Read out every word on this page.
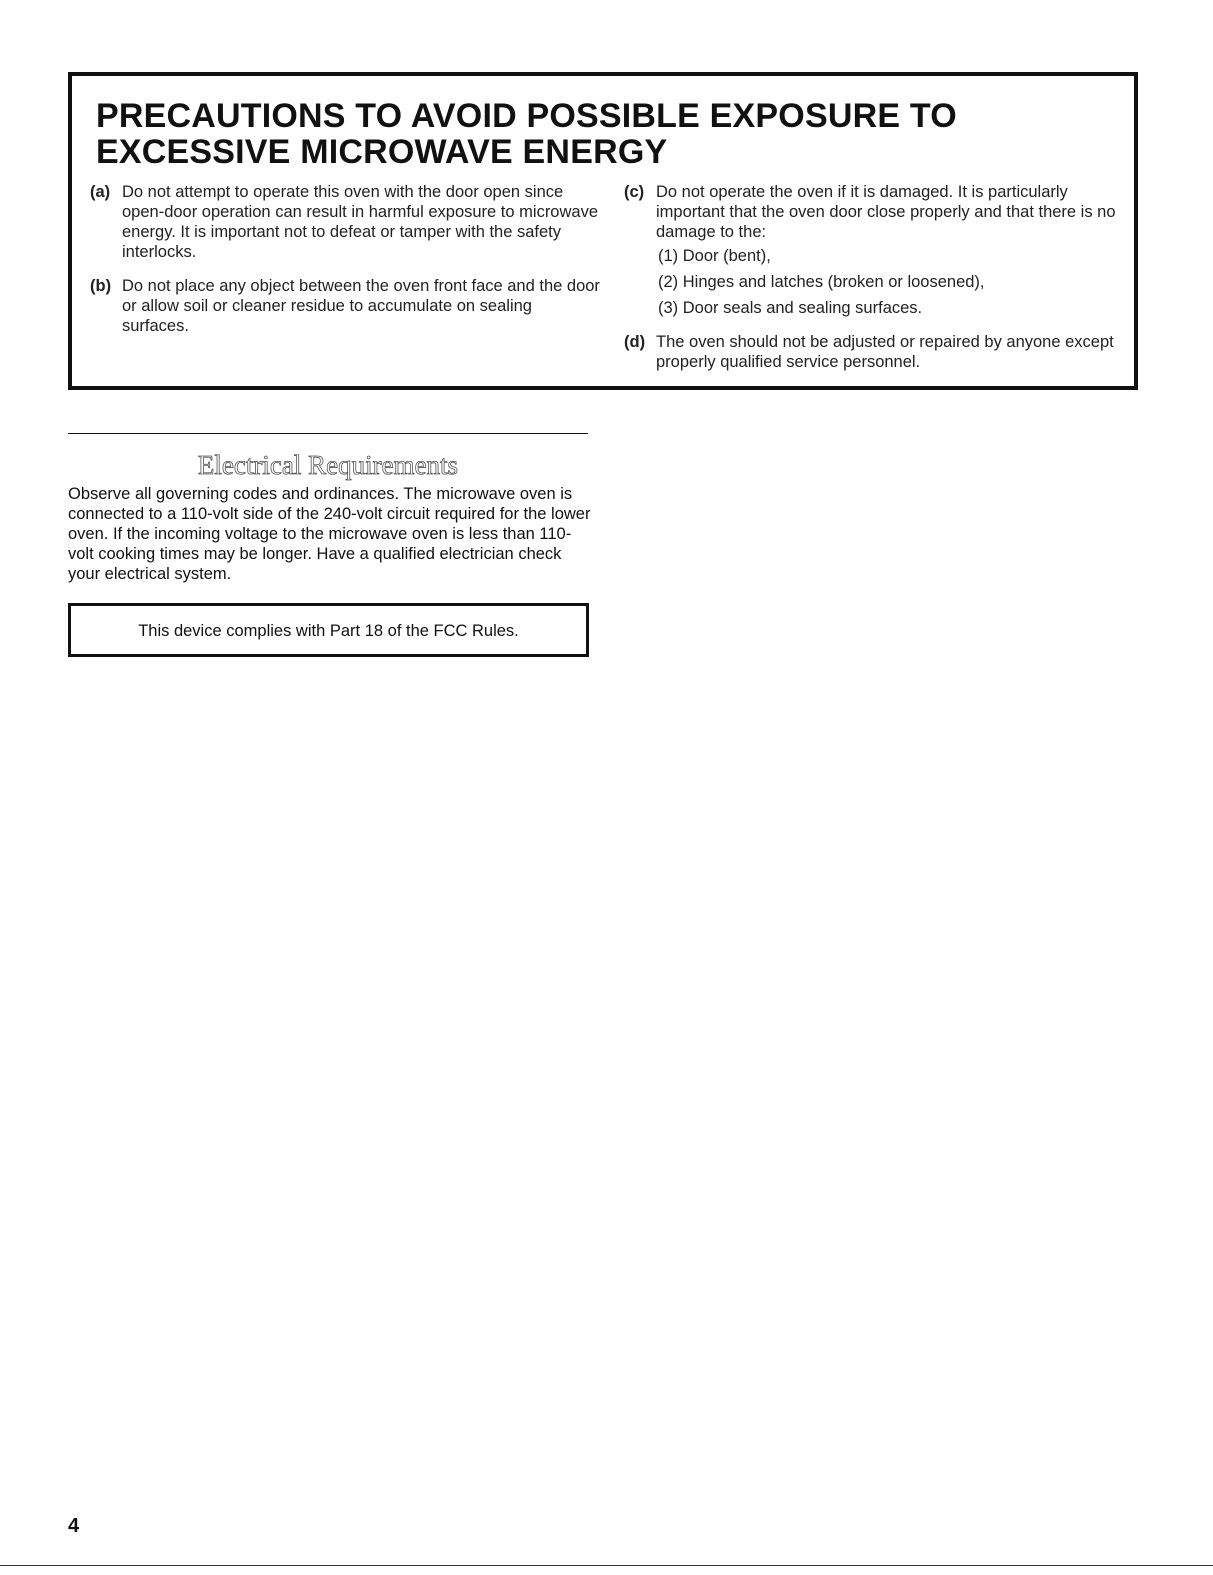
PRECAUTIONS TO AVOID POSSIBLE EXPOSURE TO EXCESSIVE MICROWAVE ENERGY
(a) Do not attempt to operate this oven with the door open since open-door operation can result in harmful exposure to microwave energy. It is important not to defeat or tamper with the safety interlocks.
(b) Do not place any object between the oven front face and the door or allow soil or cleaner residue to accumulate on sealing surfaces.
(c) Do not operate the oven if it is damaged. It is particularly important that the oven door close properly and that there is no damage to the:
(1) Door (bent),
(2) Hinges and latches (broken or loosened),
(3) Door seals and sealing surfaces.
(d) The oven should not be adjusted or repaired by anyone except properly qualified service personnel.
Electrical Requirements

Observe all governing codes and ordinances. The microwave oven is connected to a 110-volt side of the 240-volt circuit required for the lower oven. If the incoming voltage to the microwave oven is less than 110-volt cooking times may be longer. Have a qualified electrician check your electrical system.

This device complies with Part 18 of the FCC Rules.
4
